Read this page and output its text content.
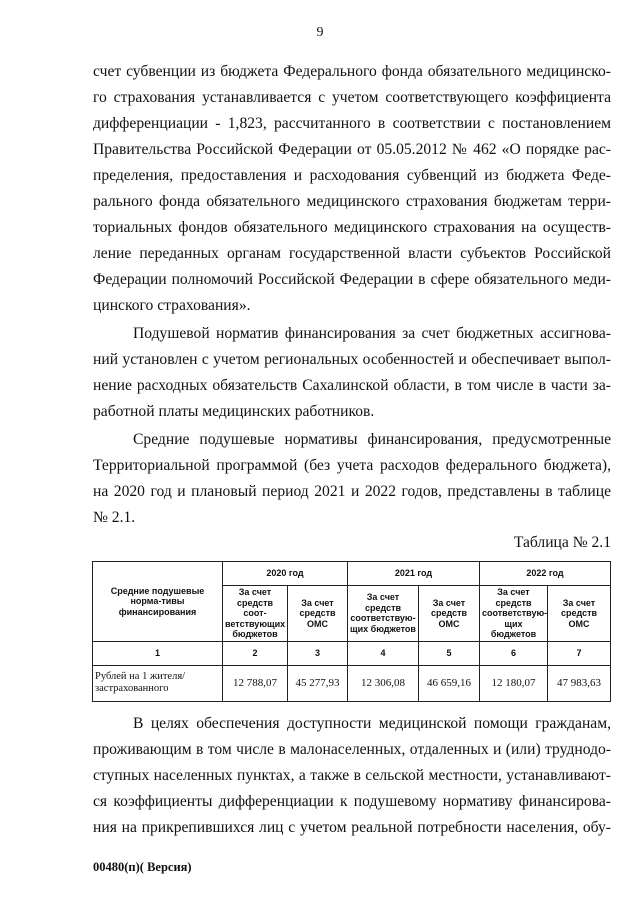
9
счет субвенции из бюджета Федерального фонда обязательного медицинско-
го страхования устанавливается с учетом соответствующего коэффициента
дифференциации - 1,823, рассчитанного в соответствии с постановлением
Правительства Российской Федерации от 05.05.2012 № 462 «О порядке рас-
пределения, предоставления и расходования субвенций из бюджета Феде-
рального фонда обязательного медицинского страхования бюджетам терри-
ториальных фондов обязательного медицинского страхования на осуществ-
ление переданных органам государственной власти субъектов Российской
Федерации полномочий Российской Федерации в сфере обязательного меди-
цинского страхования».
Подушевой норматив финансирования за счет бюджетных ассигнова-
ний установлен с учетом региональных особенностей и обеспечивает выпол-
нение расходных обязательств Сахалинской области, в том числе в части за-
работной платы медицинских работников.
Средние подушевые нормативы финансирования, предусмотренные
Территориальной программой (без учета расходов федерального бюджета),
на 2020 год и плановый период 2021 и 2022 годов, представлены в таблице
№ 2.1.
Таблица № 2.1
Средние подушевые норма-тивы финансирования	2020 год		2021 год		2022 год	
	За счет средств соот-ветствующих бюджетов	За счет средств ОМС	За счет средств соответствую-щих бюджетов	За счет средств ОМС	За счет средств соответствую-щих бюджетов	За счет средств ОМС
1	2	3	4	5	6	7
Рублей на 1 жителя/ застрахованного	12 788,07	45 277,93	12 306,08	46 659,16	12 180,07	47 983,63
В целях обеспечения доступности медицинской помощи гражданам,
проживающим в том числе в малонаселенных, отдаленных и (или) труднодо-
ступных населенных пунктах, а также в сельской местности, устанавливают-
ся коэффициенты дифференциации к подушевому нормативу финансирова-
ния на прикрепившихся лиц с учетом реальной потребности населения, обу-
00480(п)( Версия)
